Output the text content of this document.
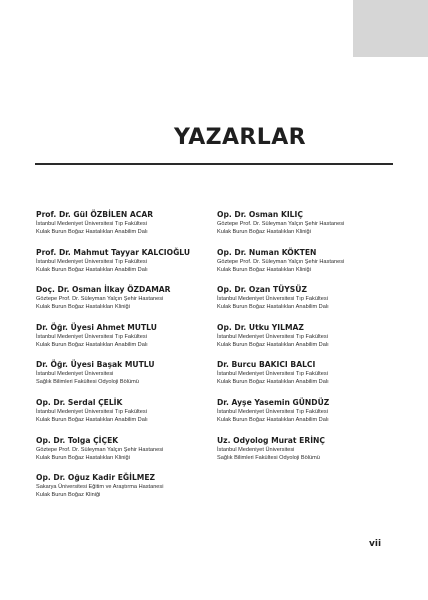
YAZARLAR
Prof. Dr. Gül ÖZBİLEN ACAR
İstanbul Medeniyet Üniversitesi Tıp Fakültesi
Kulak Burun Boğaz Hastalıkları Anabilim Dalı
Prof. Dr. Mahmut Tayyar KALCIOĞLU
İstanbul Medeniyet Üniversitesi Tıp Fakültesi
Kulak Burun Boğaz Hastalıkları Anabilim Dalı
Doç. Dr. Osman İlkay ÖZDAMAR
Göztepe Prof. Dr. Süleyman Yalçın Şehir Hastanesi
Kulak Burun Boğaz Hastalıkları Kliniği
Dr. Öğr. Üyesi Ahmet MUTLU
İstanbul Medeniyet Üniversitesi Tıp Fakültesi
Kulak Burun Boğaz Hastalıkları Anabilim Dalı
Dr. Öğr. Üyesi Başak MUTLU
İstanbul Medeniyet Üniversitesi
Sağlık Bilimleri Fakültesi Odyoloji Bölümü
Op. Dr. Serdal ÇELİK
İstanbul Medeniyet Üniversitesi Tıp Fakültesi
Kulak Burun Boğaz Hastalıkları Anabilim Dalı
Op. Dr. Tolga ÇİÇEK
Göztepe Prof. Dr. Süleyman Yalçın Şehir Hastanesi
Kulak Burun Boğaz Hastalıkları Kliniği
Op. Dr. Oğuz Kadir EĞİLMEZ
Sakarya Üniversitesi Eğitim ve Araştırma Hastanesi
Kulak Burun Boğaz Kliniği
Op. Dr. Osman KILIÇ
Göztepe Prof. Dr. Süleyman Yalçın Şehir Hastanesi
Kulak Burun Boğaz Hastalıkları Kliniği
Op. Dr. Numan KÖKTEN
Göztepe Prof. Dr. Süleyman Yalçın Şehir Hastanesi
Kulak Burun Boğaz Hastalıkları Kliniği
Op. Dr. Ozan TÜYSÜZ
İstanbul Medeniyet Üniversitesi Tıp Fakültesi
Kulak Burun Boğaz Hastalıkları Anabilim Dalı
Op. Dr. Utku YILMAZ
İstanbul Medeniyet Üniversitesi Tıp Fakültesi
Kulak Burun Boğaz Hastalıkları Anabilim Dalı
Dr. Burcu BAKICI BALCI
İstanbul Medeniyet Üniversitesi Tıp Fakültesi
Kulak Burun Boğaz Hastalıkları Anabilim Dalı
Dr. Ayşe Yasemin GÜNDÜZ
İstanbul Medeniyet Üniversitesi Tıp Fakültesi
Kulak Burun Boğaz Hastalıkları Anabilim Dalı
Uz. Odyolog Murat ERİNÇ
İstanbul Medeniyet Üniversitesi
Sağlık Bilimleri Fakültesi Odyoloji Bölümü
vii
